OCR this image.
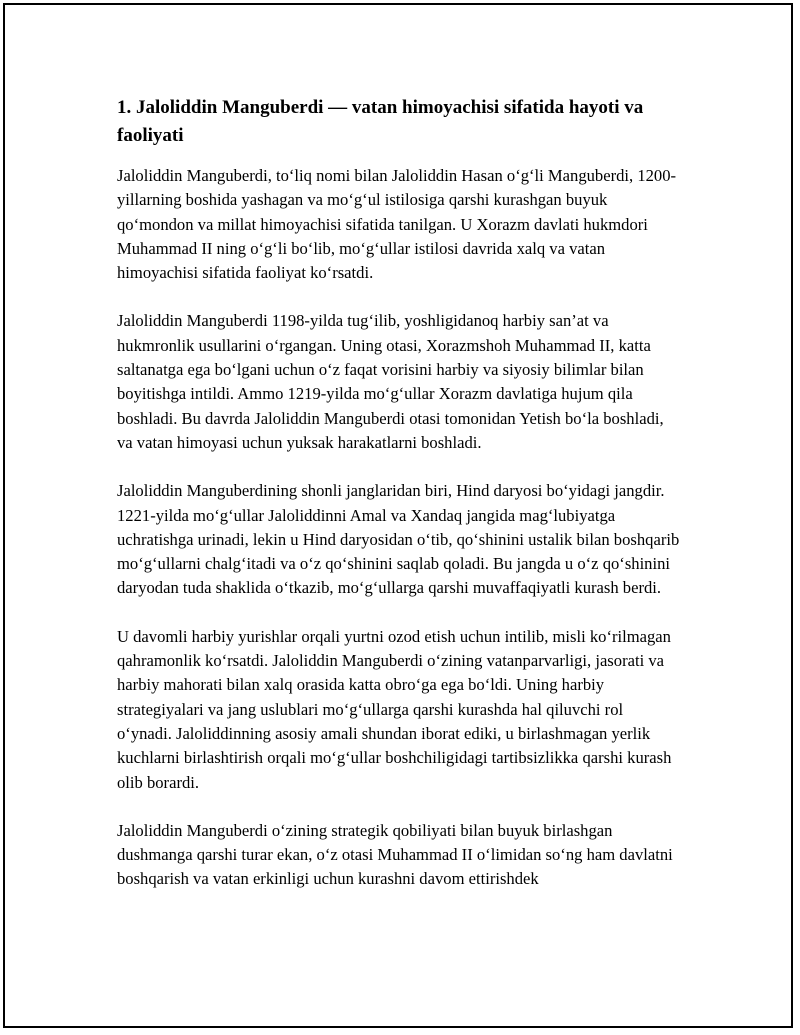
1. Jaloliddin Manguberdi — vatan himoyachisi sifatida hayoti va faoliyati

Jaloliddin Manguberdi, to‘liq nomi bilan Jaloliddin Hasan o‘g‘li Manguberdi, 1200-yillarning boshida yashagan va mo‘g‘ul istilosiga qarshi kurashgan buyuk qo‘mondon va millat himoyachisi sifatida tanilgan. U Xorazm davlati hukmdori Muhammad II ning o‘g‘li bo‘lib, mo‘g‘ullar istilosi davrida xalq va vatan himoyachisi sifatida faoliyat ko‘rsatdi.

Jaloliddin Manguberdi 1198-yilda tug‘ilib, yoshligidanoq harbiy san’at va hukmronlik usullarini o‘rgangan. Uning otasi, Xorazmshoh Muhammad II, katta saltanatga ega bo‘lgani uchun o‘z faqat vorisini harbiy va siyosiy bilimlar bilan boyitishga intildi. Ammo 1219-yilda mo‘g‘ullar Xorazm davlatiga hujum qila boshladi. Bu davrda Jaloliddin Manguberdi otasi tomonidan Yetish bo‘la boshladi, va vatan himoyasi uchun yuksak harakatlarni boshladi.

Jaloliddin Manguberdining shonli janglaridan biri, Hind daryosi bo‘yidagi jangdir. 1221-yilda mo‘g‘ullar Jaloliddinni Amal va Xandaq jangida mag‘lubiyatga uchratishga urinadi, lekin u Hind daryosidan o‘tib, qo‘shinini ustalik bilan boshqarib mo‘g‘ullarni chalg‘itadi va o‘z qo‘shinini saqlab qoladi. Bu jangda u o‘z qo‘shinini daryodan tuda shaklida o‘tkazib, mo‘g‘ullarga qarshi muvaffaqiyatli kurash berdi.

U davomli harbiy yurishlar orqali yurtni ozod etish uchun intilib, misli ko‘rilmagan qahramonlik ko‘rsatdi. Jaloliddin Manguberdi o‘zining vatanparvarligi, jasorati va harbiy mahorati bilan xalq orasida katta obro‘ga ega bo‘ldi. Uning harbiy strategiyalari va jang uslublari mo‘g‘ullarga qarshi kurashda hal qiluvchi rol o‘ynadi. Jaloliddinning asosiy amali shundan iborat ediki, u birlashmagan yerlik kuchlarni birlashtirish orqali mo‘g‘ullar boshchiligidagi tartibsizlikka qarshi kurash olib borardi.

Jaloliddin Manguberdi o‘zining strategik qobiliyati bilan buyuk birlashgan dushmanga qarshi turar ekan, o‘z otasi Muhammad II o‘limidan so‘ng ham davlatni boshqarish va vatan erkinligi uchun kurashni davom ettirishdek
